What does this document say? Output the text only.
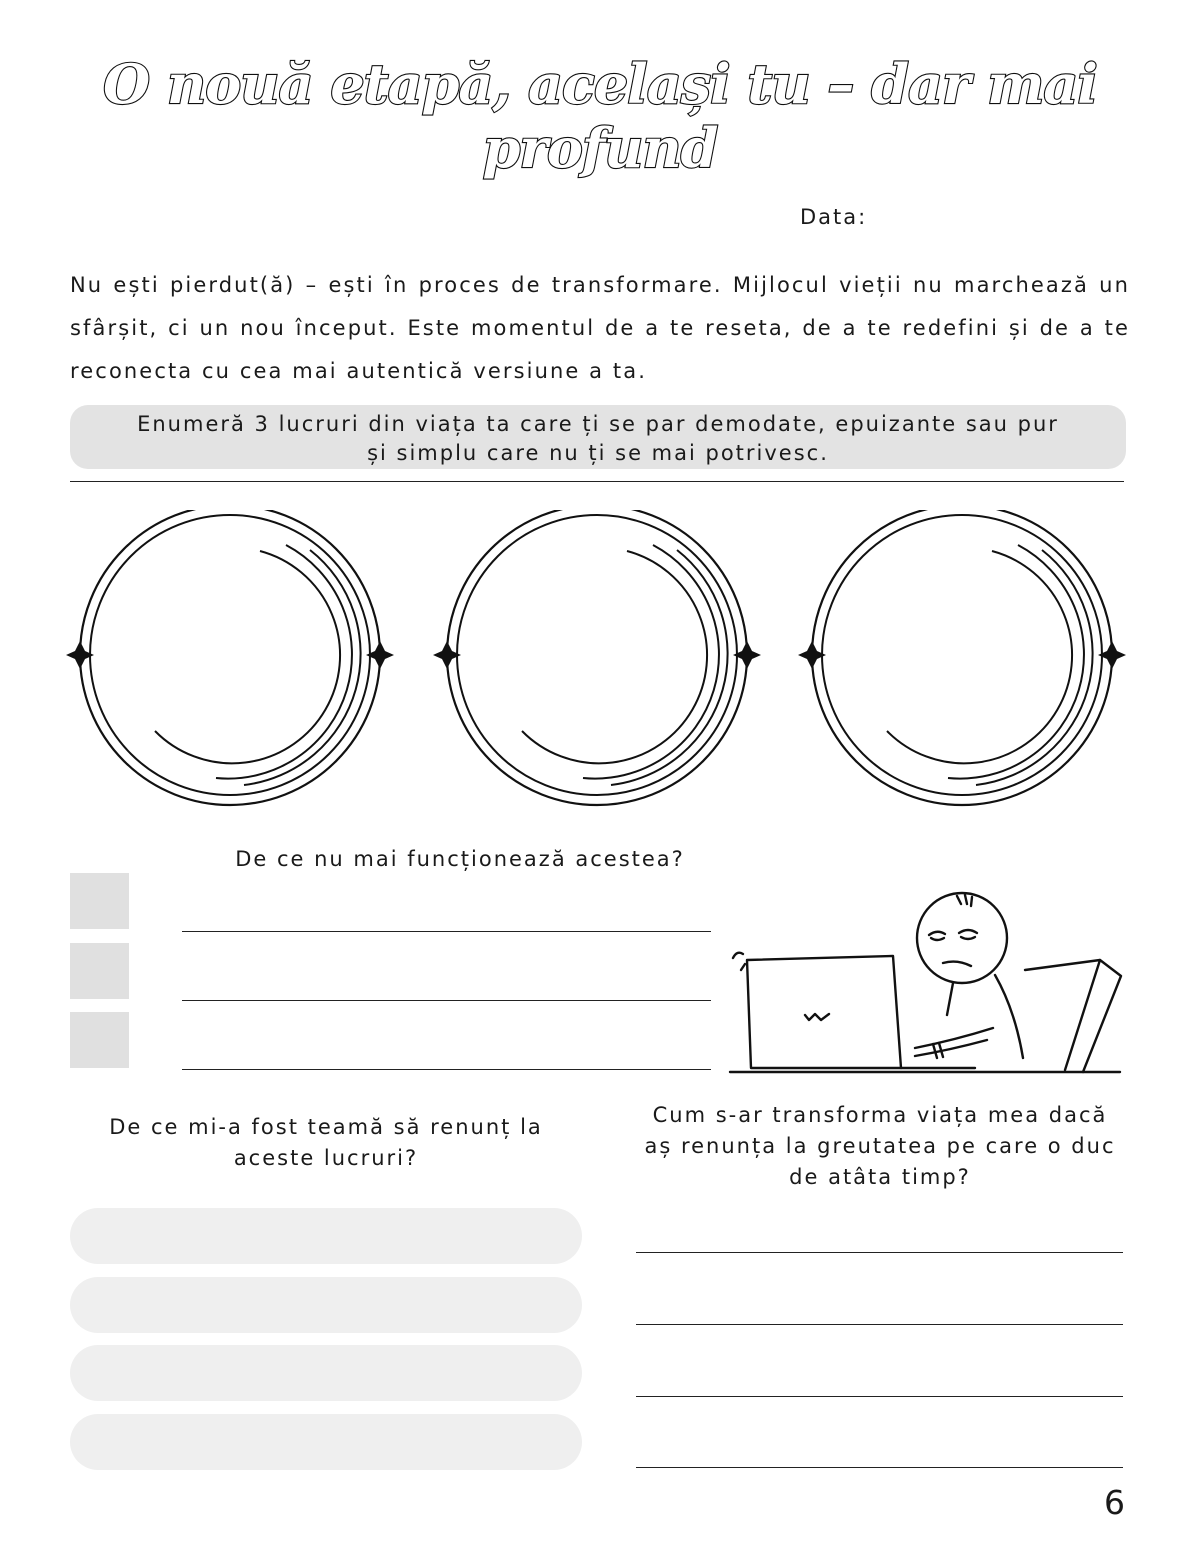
O nouă etapă, același tu – dar mai profund
Data:
Nu ești pierdut(ă) – ești în proces de transformare. Mijlocul vieții nu marchează un sfârșit, ci un nou început. Este momentul de a te reseta, de a te redefini și de a te reconecta cu cea mai autentică versiune a ta.
Enumeră 3 lucruri din viața ta care ți se par demodate, epuizante sau pur
și simplu care nu ți se mai potrivesc.
De ce nu mai funcționează acestea?
De ce mi-a fost teamă să renunț la
aceste lucruri?
Cum s-ar transforma viața mea dacă
aș renunța la greutatea pe care o duc
de atâta timp?
6
